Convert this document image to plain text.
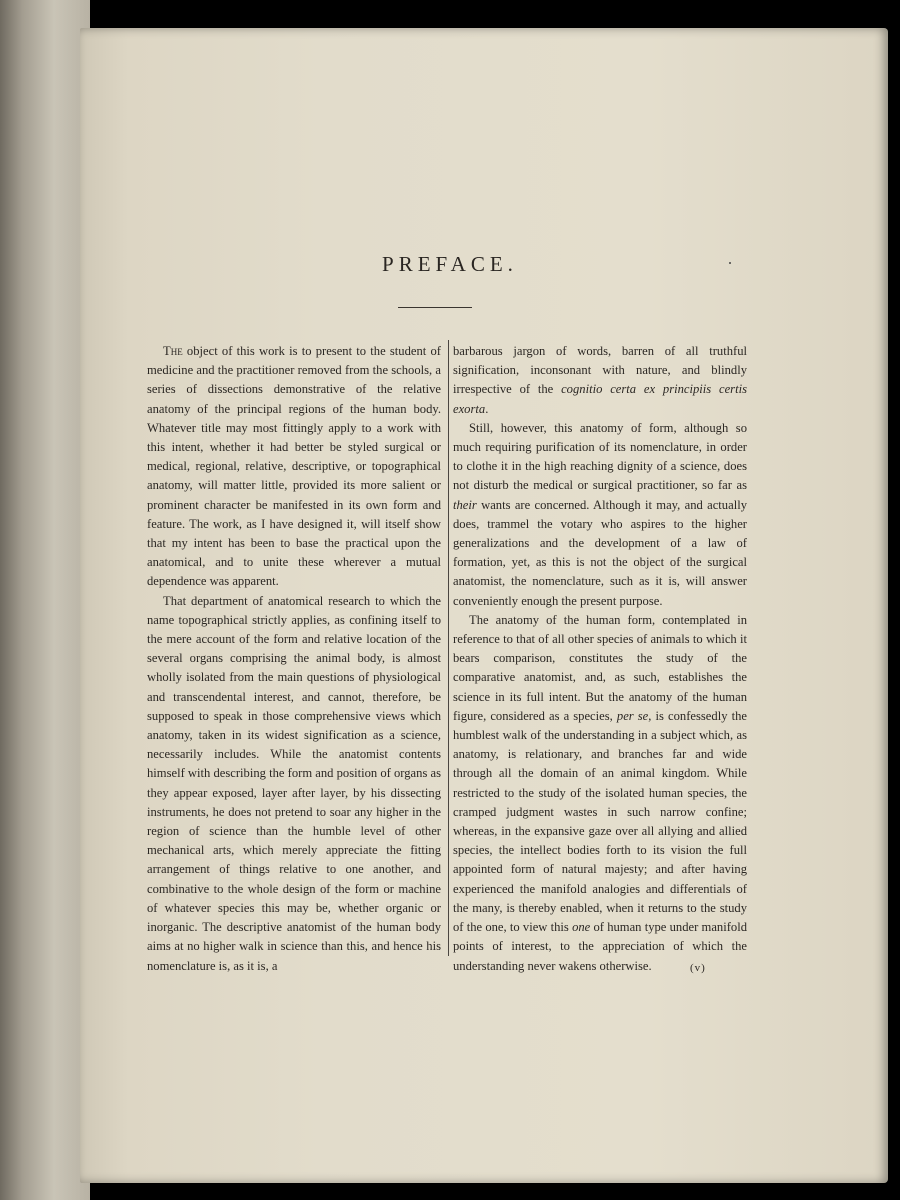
PREFACE.

The object of this work is to present to the student of medicine and the practitioner removed from the schools, a series of dissections demonstrative of the relative anatomy of the principal regions of the human body. Whatever title may most fittingly apply to a work with this intent, whether it had better be styled surgical or medical, regional, relative, descriptive, or topographical anatomy, will matter little, provided its more salient or prominent character be manifested in its own form and feature. The work, as I have designed it, will itself show that my intent has been to base the practical upon the anatomical, and to unite these wherever a mutual dependence was apparent.

That department of anatomical research to which the name topographical strictly applies, as confining itself to the mere account of the form and relative location of the several organs comprising the animal body, is almost wholly isolated from the main questions of physiological and transcendental interest, and cannot, therefore, be supposed to speak in those comprehensive views which anatomy, taken in its widest signification as a science, necessarily includes. While the anatomist contents himself with describing the form and position of organs as they appear exposed, layer after layer, by his dissecting instruments, he does not pretend to soar any higher in the region of science than the humble level of other mechanical arts, which merely appreciate the fitting arrangement of things relative to one another, and combinative to the whole design of the form or machine of whatever species this may be, whether organic or inorganic. The descriptive anatomist of the human body aims at no higher walk in science than this, and hence his nomenclature is, as it is, a

barbarous jargon of words, barren of all truthful signification, inconsonant with nature, and blindly irrespective of the cognitio certa ex principiis certis exorta.

Still, however, this anatomy of form, although so much requiring purification of its nomenclature, in order to clothe it in the high reaching dignity of a science, does not disturb the medical or surgical practitioner, so far as their wants are concerned. Although it may, and actually does, trammel the votary who aspires to the higher generalizations and the development of a law of formation, yet, as this is not the object of the surgical anatomist, the nomenclature, such as it is, will answer conveniently enough the present purpose.

The anatomy of the human form, contemplated in reference to that of all other species of animals to which it bears comparison, constitutes the study of the comparative anatomist, and, as such, establishes the science in its full intent. But the anatomy of the human figure, considered as a species, per se, is confessedly the humblest walk of the understanding in a subject which, as anatomy, is relationary, and branches far and wide through all the domain of an animal kingdom. While restricted to the study of the isolated human species, the cramped judgment wastes in such narrow confine; whereas, in the expansive gaze over all allying and allied species, the intellect bodies forth to its vision the full appointed form of natural majesty; and after having experienced the manifold analogies and differentials of the many, is thereby enabled, when it returns to the study of the one, to view this one of human type under manifold points of interest, to the appreciation of which the understanding never wakens otherwise.	(v)
